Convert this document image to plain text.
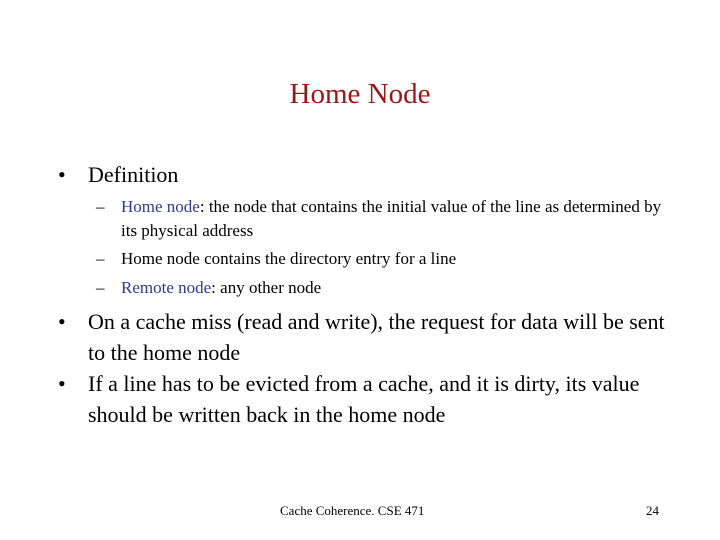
Home Node
•	Definition
– Home node: the node that contains the initial value of the line as determined by its physical address
– Home node contains the directory entry for a line
– Remote node: any other node
•	On a cache miss (read and write), the request for data will be sent to the home node
•	If a line has to be evicted from a cache, and it is dirty, its value should be written back in the home node
Cache Coherence. CSE 471	24
